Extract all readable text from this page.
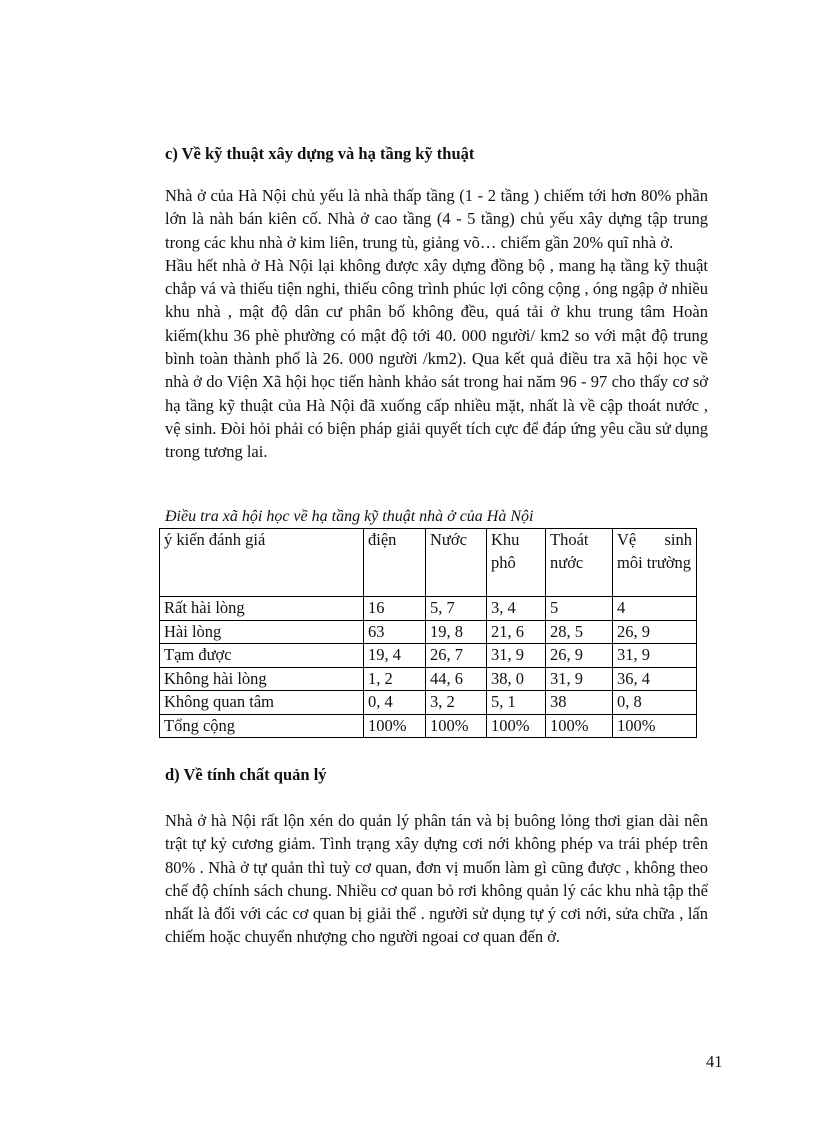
c) Về kỹ thuật xây dựng và hạ tầng kỹ thuật

Nhà ở của Hà Nội chủ yếu là nhà thấp tầng (1 - 2 tầng ) chiếm tới hơn 80% phần lớn là nàh bán kiên cố. Nhà ở cao tầng (4 - 5 tầng) chủ yếu xây dựng tập trung trong các khu nhà ở kim liên, trung tù, giảng võ… chiếm gần 20% quĩ nhà ở.

Hầu hết nhà ở Hà Nội lại không được xây dựng đồng bộ , mang hạ tầng kỹ thuật chắp vá và thiếu tiện nghi, thiếu công trình phúc lợi công cộng , óng ngập ở nhiều khu nhà , mật độ dân cư phân bố không đều, quá tải ở khu trung tâm Hoàn kiếm(khu 36 phè phường có mật độ tới 40. 000 người/ km2 so với mật độ trung bình toàn thành phố là 26. 000 người /km2). Qua kết quả điều tra xã hội học về nhà ở do Viện Xã hội học tiến hành khảo sát trong hai năm 96 - 97 cho thấy cơ sở hạ tầng kỹ thuật của Hà Nội đã xuống cấp nhiều mặt, nhất là về cập thoát nước , vệ sinh. Đòi hỏi phải có biện pháp giải quyết tích cực để đáp ứng yêu cầu sử dụng trong tương lai.

Điều tra xã hội học về hạ tầng kỹ thuật nhà ở của Hà Nội

ý kiến đánh giá	điện	Nước	Khu phô	Thoát nước	Vệ sinh môi trường
Rất hài lòng	16	5, 7	3, 4	5	4
Hài lòng	63	19, 8	21, 6	28, 5	26, 9
Tạm được	19, 4	26, 7	31, 9	26, 9	31, 9
Không hài lòng	1, 2	44, 6	38, 0	31, 9	36, 4
Không quan tâm	0, 4	3, 2	5, 1	38	0, 8
Tổng cộng	100%	100%	100%	100%	100%
d) Về tính chất quản lý

Nhà ở hà Nội rất lộn xén do quản lý phân tán và bị buông lỏng thơi gian dài nên trật tự kỷ cương giảm. Tình trạng xây dựng cơi nới không phép va trái phép trên 80% . Nhà ở tự quản thì tuỳ cơ quan, đơn vị muốn làm gì cũng được , không theo chế độ chính sách chung. Nhiều cơ quan bỏ rơi không quản lý các khu nhà tập thể nhất là đối với các cơ quan bị giải thể . người sử dụng tự ý cơi nới, sửa chữa , lấn chiếm hoặc chuyển nhượng cho người ngoai cơ quan đến ở.

41
